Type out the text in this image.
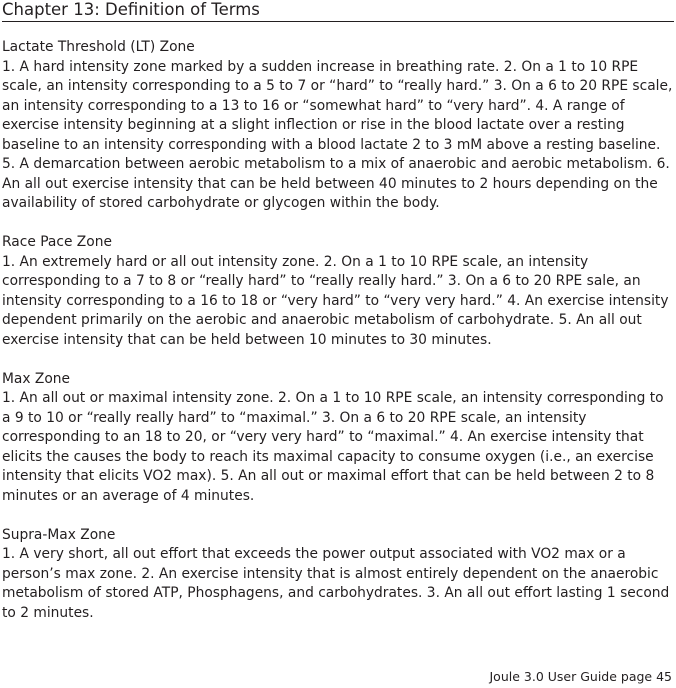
Chapter 13: Definition of Terms

Lactate Threshold (LT) Zone

1. A hard intensity zone marked by a sudden increase in breathing rate. 2. On a 1 to 10 RPE scale, an intensity corresponding to a 5 to 7 or “hard” to “really hard.” 3. On a 6 to 20 RPE scale, an intensity corresponding to a 13 to 16 or “somewhat hard” to “very hard”. 4. A range of exercise intensity beginning at a slight inflection or rise in the blood lactate over a resting baseline to an intensity corresponding with a blood lactate 2 to 3 mM above a resting baseline. 5. A demarcation between aerobic metabolism to a mix of anaerobic and aerobic metabolism. 6. An all out exercise intensity that can be held between 40 minutes to 2 hours depending on the availability of stored carbohydrate or glycogen within the body.

Race Pace Zone

1. An extremely hard or all out intensity zone. 2. On a 1 to 10 RPE scale, an intensity corresponding to a 7 to 8 or “really hard” to “really really hard.” 3. On a 6 to 20 RPE sale, an intensity corresponding to a 16 to 18 or “very hard” to “very very hard.” 4. An exercise intensity dependent primarily on the aerobic and anaerobic metabolism of carbohydrate. 5. An all out exercise intensity that can be held between 10 minutes to 30 minutes.

Max Zone

1. An all out or maximal intensity zone. 2. On a 1 to 10 RPE scale, an intensity corresponding to a 9 to 10 or “really really hard” to “maximal.” 3. On a 6 to 20 RPE scale, an intensity corresponding to an 18 to 20, or “very very hard” to “maximal.” 4. An exercise intensity that elicits the causes the body to reach its maximal capacity to consume oxygen (i.e., an exercise intensity that elicits VO2 max). 5. An all out or maximal effort that can be held between 2 to 8 minutes or an average of 4 minutes.

Supra-Max Zone

1. A very short, all out effort that exceeds the power output associated with VO2 max or a person’s max zone. 2. An exercise intensity that is almost entirely dependent on the anaerobic metabolism of stored ATP, Phosphagens, and carbohydrates. 3. An all out effort lasting 1 second to 2 minutes.

Joule 3.0 User Guide page 45
